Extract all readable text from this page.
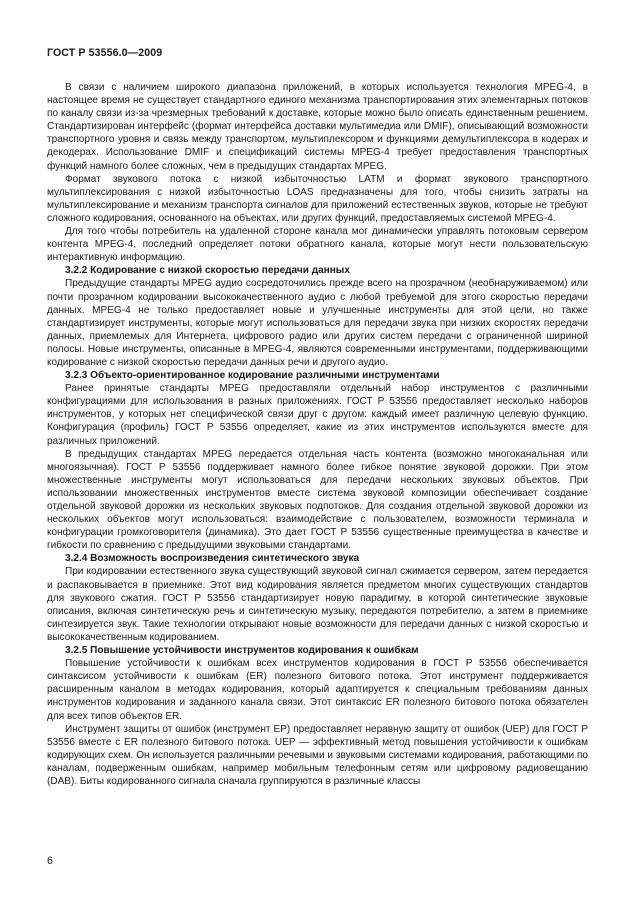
ГОСТ Р 53556.0—2009

В связи с наличием широкого диапазона приложений, в которых используется технология MPEG-4, в настоящее время не существует стандартного единого механизма транспортирования этих элементарных потоков по каналу связи из-за чрезмерных требований к доставке, которые можно было описать единственным решением. Стандартизирован интерфейс (формат интерфейса доставки мультимедиа или DMIF), описывающий возможности транспортного уровня и связь между транспортом, мультиплексором и функциями демультиплексора в кодерах и декодерах. Использование DMIF и спецификаций системы MPEG-4 требует предоставления транспортных функций намного более сложных, чем в предыдущих стандартах MPEG.

Формат звукового потока с низкой избыточностью LATM и формат звукового транспортного мультиплексирования с низкой избыточностью LOAS предназначены для того, чтобы снизить затраты на мультиплексирование и механизм транспорта сигналов для приложений естественных звуков, которые не требуют сложного кодирования, основанного на объектах, или других функций, предоставляемых системой MPEG-4.

Для того чтобы потребитель на удаленной стороне канала мог динамически управлять потоковым сервером контента MPEG-4, последний определяет потоки обратного канала, которые могут нести пользовательскую интерактивную информацию.

3.2.2 Кодирование с низкой скоростью передачи данных

Предыдущие стандарты MPEG аудио сосредоточились прежде всего на прозрачном (необнаруживаемом) или почти прозрачном кодировании высококачественного аудио с любой требуемой для этого скоростью передачи данных. MPEG-4 не только предоставляет новые и улучшенные инструменты для этой цели, но также стандартизирует инструменты, которые могут использоваться для передачи звука при низких скоростях передачи данных, приемлемых для Интернета, цифрового радио или других систем передачи с ограниченной шириной полосы. Новые инструменты, описанные в MPEG-4, являются современными инструментами, поддерживающими кодирование с низкой скоростью передачи данных речи и другого аудио.

3.2.3 Объекто-ориентированное кодирование различными инструментами

Ранее принятые стандарты MPEG предоставляли отдельный набор инструментов с различными конфигурациями для использования в разных приложениях. ГОСТ Р 53556 предоставляет несколько наборов инструментов, у которых нет специфической связи друг с другом: каждый имеет различную целевую функцию. Конфигурация (профиль) ГОСТ Р 53556 определяет, какие из этих инструментов используются вместе для различных приложений.

В предыдущих стандартах MPEG передается отдельная часть контента (возможно многоканальная или многоязычная). ГОСТ Р 53556 поддерживает намного более гибкое понятие звуковой дорожки. При этом множественные инструменты могут использоваться для передачи нескольких звуковых объектов. При использовании множественных инструментов вместе система звуковой композиции обеспечивает создание отдельной звуковой дорожки из нескольких звуковых подпотоков. Для создания отдельной звуковой дорожки из нескольких объектов могут использоваться: взаимодействие с пользователем, возможности терминала и конфигурации громкоговорителя (динамика). Это дает ГОСТ Р 53556 существенные преимущества в качестве и гибкости по сравнению с предыдущими звуковыми стандартами.

3.2.4 Возможность воспроизведения синтетического звука

При кодировании естественного звука существующий звуковой сигнал сжимается сервером, затем передается и распаковывается в приемнике. Этот вид кодирования является предметом многих существующих стандартов для звукового сжатия. ГОСТ Р 53556 стандартизирует новую парадигму, в которой синтетические звуковые описания, включая синтетическую речь и синтетическую музыку, передаются потребителю, а затем в приемнике синтезируется звук. Такие технологии открывают новые возможности для передачи данных с низкой скоростью и высококачественным кодированием.

3.2.5 Повышение устойчивости инструментов кодирования к ошибкам

Повышение устойчивости к ошибкам всех инструментов кодирования в ГОСТ Р 53556 обеспечивается синтаксисом устойчивости к ошибкам (ER) полезного битового потока. Этот инструмент поддерживается расширенным каналом в методах кодирования, который адаптируется к специальным требованиям данных инструментов кодирования и заданного канала связи. Этот синтаксис ER полезного битового потока обязателен для всех типов объектов ER.

Инструмент защиты от ошибок (инструмент EP) предоставляет неравную защиту от ошибок (UEP) для ГОСТ Р 53556 вместе с ER полезного битового потока. UEP — эффективный метод повышения устойчивости к ошибкам кодирующих схем. Он используется различными речевыми и звуковыми системами кодирования, работающими по каналам, подверженным ошибкам, например мобильным телефонным сетям или цифровому радиовещанию (DAB). Биты кодированного сигнала сначала группируются в различные классы

6
